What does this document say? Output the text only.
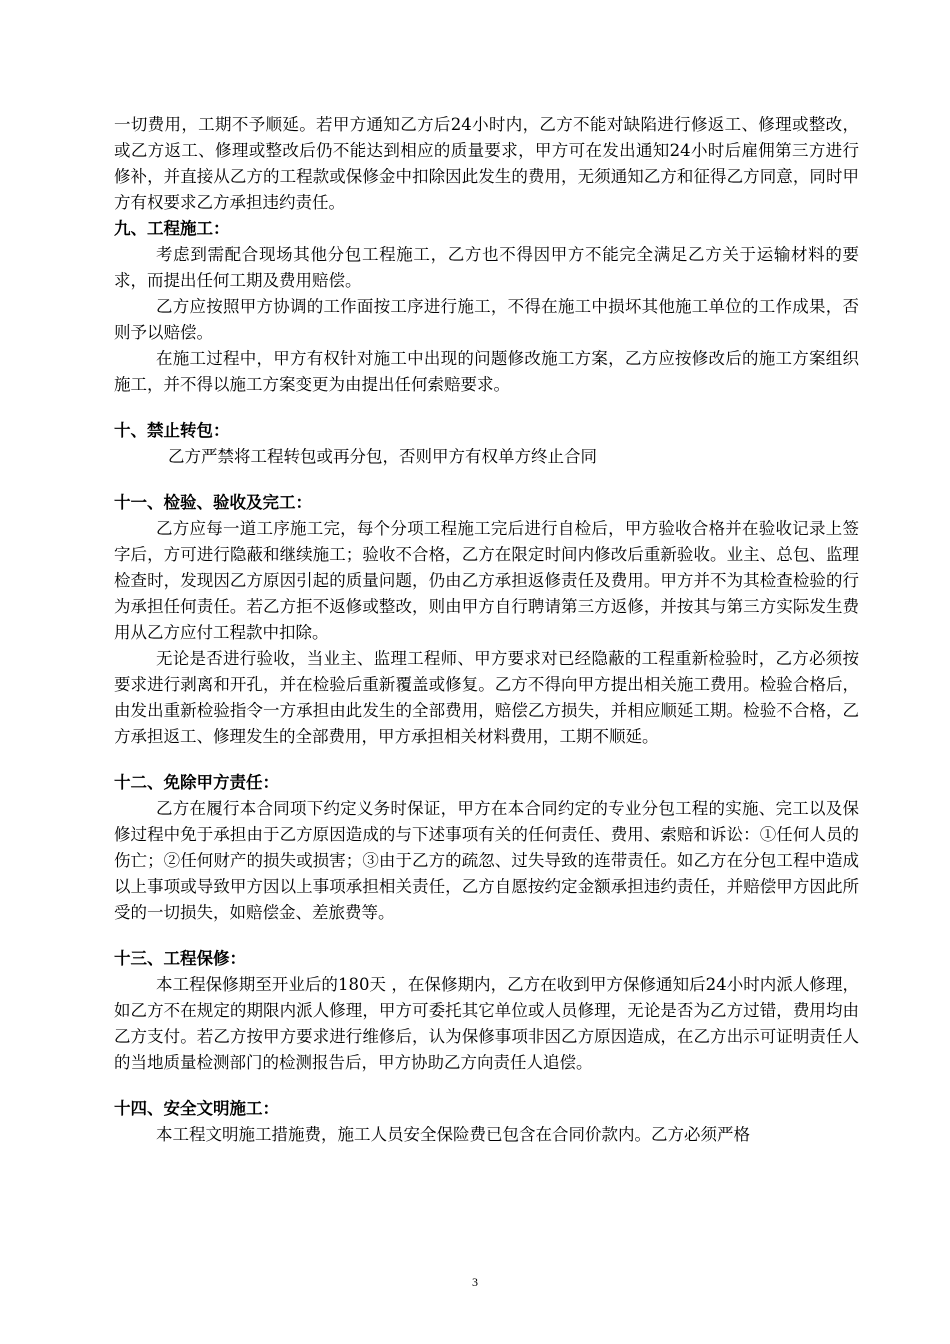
一切费用，工期不予顺延。若甲方通知乙方后24小时内，乙方不能对缺陷进行修返工、修理或整改，或乙方返工、修理或整改后仍不能达到相应的质量要求，甲方可在发出通知24小时后雇佣第三方进行修补，并直接从乙方的工程款或保修金中扣除因此发生的费用，无须通知乙方和征得乙方同意，同时甲方有权要求乙方承担违约责任。

九、工程施工：

考虑到需配合现场其他分包工程施工，乙方也不得因甲方不能完全满足乙方关于运输材料的要求，而提出任何工期及费用赔偿。

乙方应按照甲方协调的工作面按工序进行施工，不得在施工中损坏其他施工单位的工作成果，否则予以赔偿。

在施工过程中，甲方有权针对施工中出现的问题修改施工方案，乙方应按修改后的施工方案组织施工，并不得以施工方案变更为由提出任何索赔要求。

十、禁止转包：

乙方严禁将工程转包或再分包，否则甲方有权单方终止合同

十一、检验、验收及完工：

乙方应每一道工序施工完，每个分项工程施工完后进行自检后，甲方验收合格并在验收记录上签字后，方可进行隐蔽和继续施工；验收不合格，乙方在限定时间内修改后重新验收。业主、总包、监理检查时，发现因乙方原因引起的质量问题，仍由乙方承担返修责任及费用。甲方并不为其检查检验的行为承担任何责任。若乙方拒不返修或整改，则由甲方自行聘请第三方返修，并按其与第三方实际发生费用从乙方应付工程款中扣除。

无论是否进行验收，当业主、监理工程师、甲方要求对已经隐蔽的工程重新检验时，乙方必须按要求进行剥离和开孔，并在检验后重新覆盖或修复。乙方不得向甲方提出相关施工费用。检验合格后，由发出重新检验指令一方承担由此发生的全部费用，赔偿乙方损失，并相应顺延工期。检验不合格，乙方承担返工、修理发生的全部费用，甲方承担相关材料费用，工期不顺延。

十二、免除甲方责任：

乙方在履行本合同项下约定义务时保证，甲方在本合同约定的专业分包工程的实施、完工以及保修过程中免于承担由于乙方原因造成的与下述事项有关的任何责任、费用、索赔和诉讼：①任何人员的伤亡；②任何财产的损失或损害；③由于乙方的疏忽、过失导致的连带责任。如乙方在分包工程中造成以上事项或导致甲方因以上事项承担相关责任，乙方自愿按约定金额承担违约责任，并赔偿甲方因此所受的一切损失，如赔偿金、差旅费等。

十三、工程保修：

本工程保修期至开业后的180天 ，在保修期内，乙方在收到甲方保修通知后24小时内派人修理，如乙方不在规定的期限内派人修理，甲方可委托其它单位或人员修理，无论是否为乙方过错，费用均由乙方支付。若乙方按甲方要求进行维修后，认为保修事项非因乙方原因造成，在乙方出示可证明责任人的当地质量检测部门的检测报告后，甲方协助乙方向责任人追偿。

十四、安全文明施工：

本工程文明施工措施费，施工人员安全保险费已包含在合同价款内。乙方必须严格

3
